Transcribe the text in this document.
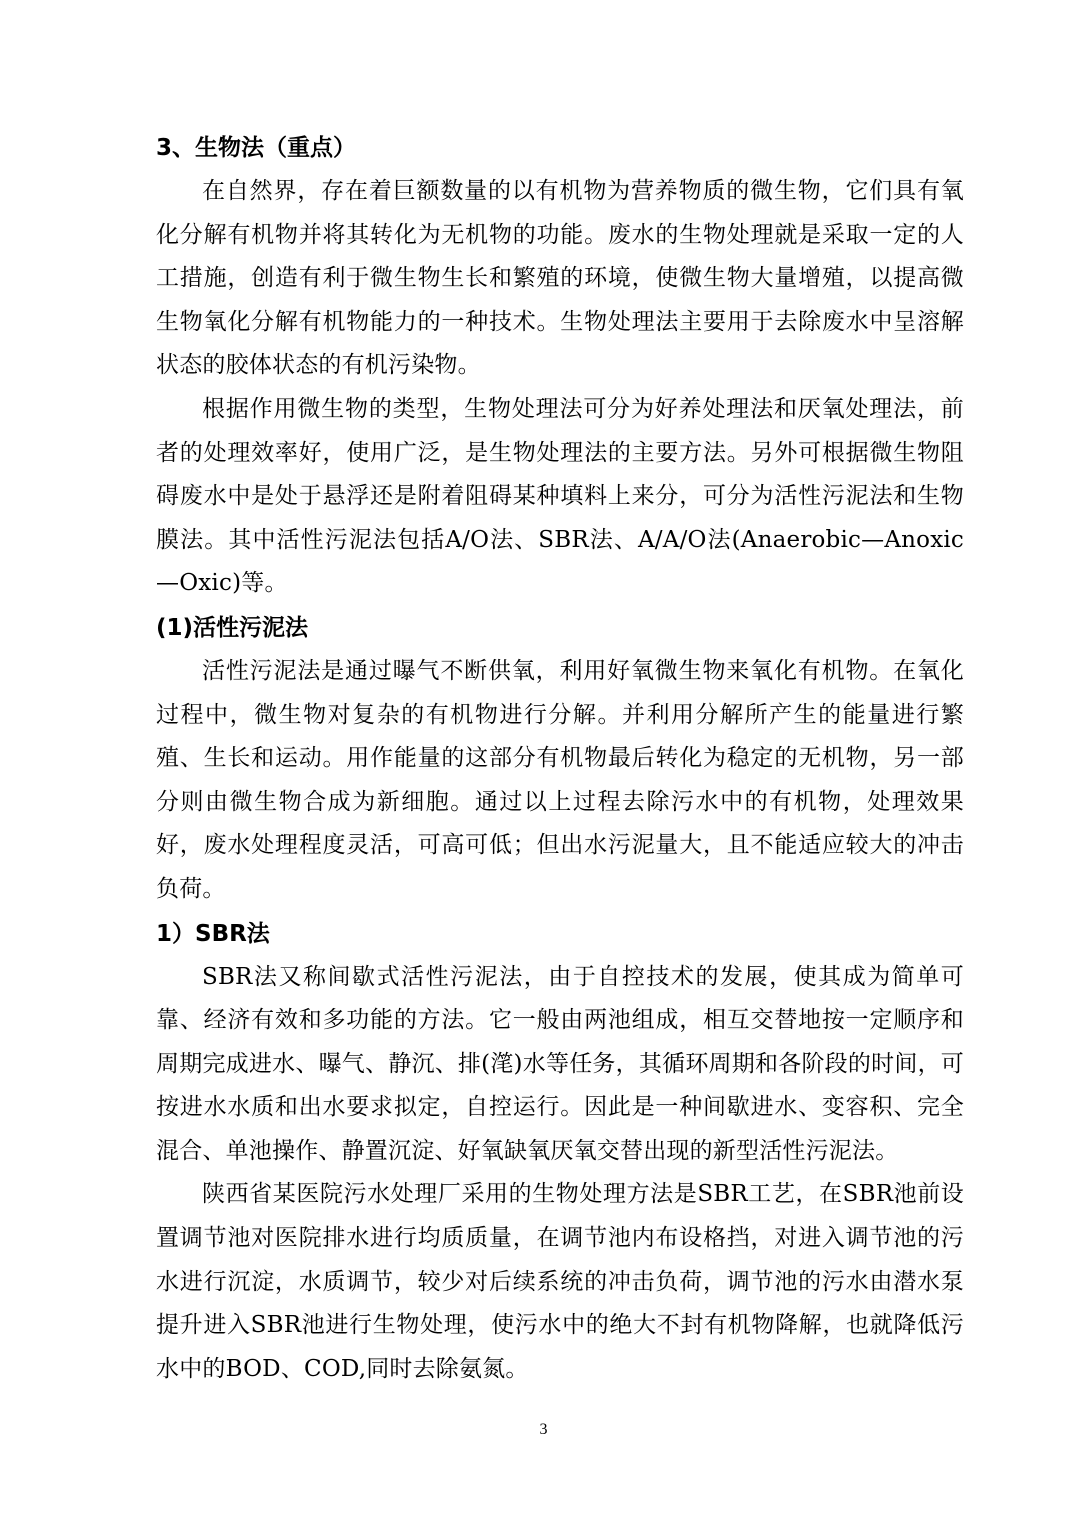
3、生物法（重点）

在自然界，存在着巨额数量的以有机物为营养物质的微生物，它们具有氧化分解有机物并将其转化为无机物的功能。废水的生物处理就是采取一定的人工措施，创造有利于微生物生长和繁殖的环境，使微生物大量增殖，以提高微生物氧化分解有机物能力的一种技术。生物处理法主要用于去除废水中呈溶解状态的胶体状态的有机污染物。

根据作用微生物的类型，生物处理法可分为好养处理法和厌氧处理法，前者的处理效率好，使用广泛，是生物处理法的主要方法。另外可根据微生物阻碍废水中是处于悬浮还是附着阻碍某种填料上来分，可分为活性污泥法和生物膜法。其中活性污泥法包括A/O法、SBR法、A/A/O法(Anaerobic—Anoxic—Oxic)等。

(1)活性污泥法

活性污泥法是通过曝气不断供氧，利用好氧微生物来氧化有机物。在氧化过程中，微生物对复杂的有机物进行分解。并利用分解所产生的能量进行繁殖、生长和运动。用作能量的这部分有机物最后转化为稳定的无机物，另一部分则由微生物合成为新细胞。通过以上过程去除污水中的有机物，处理效果好，废水处理程度灵活，可高可低；但出水污泥量大，且不能适应较大的冲击负荷。

1）SBR法

SBR法又称间歇式活性污泥法，由于自控技术的发展，使其成为简单可靠、经济有效和多功能的方法。它一般由两池组成，相互交替地按一定顺序和周期完成进水、曝气、静沉、排(滗)水等任务，其循环周期和各阶段的时间，可按进水水质和出水要求拟定，自控运行。因此是一种间歇进水、变容积、完全混合、单池操作、静置沉淀、好氧缺氧厌氧交替出现的新型活性污泥法。

陕西省某医院污水处理厂采用的生物处理方法是SBR工艺，在SBR池前设置调节池对医院排水进行均质质量，在调节池内布设格挡，对进入调节池的污水进行沉淀，水质调节，较少对后续系统的冲击负荷，调节池的污水由潜水泵提升进入SBR池进行生物处理，使污水中的绝大不封有机物降解，也就降低污水中的BOD、COD,同时去除氨氮。

3
